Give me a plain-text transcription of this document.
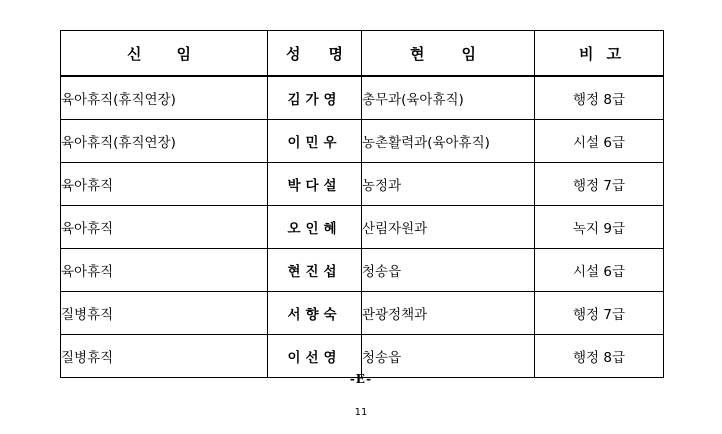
신 임	성 명	현 임	비 고

육아휴직(휴직연장)	김가영	총무과(육아휴직)	행정 8급
육아휴직(휴직연장)	이민우	농촌활력과(육아휴직)	시설 6급
육아휴직	박다설	농정과	행정 7급
육아휴직	오인혜	산림자원과	녹지 9급
육아휴직	현진섭	청송읍	시설 6급
질병휴직	서향숙	관광정책과	행정 7급
질병휴직	이선영	청송읍	행정 8급
-E-
11
